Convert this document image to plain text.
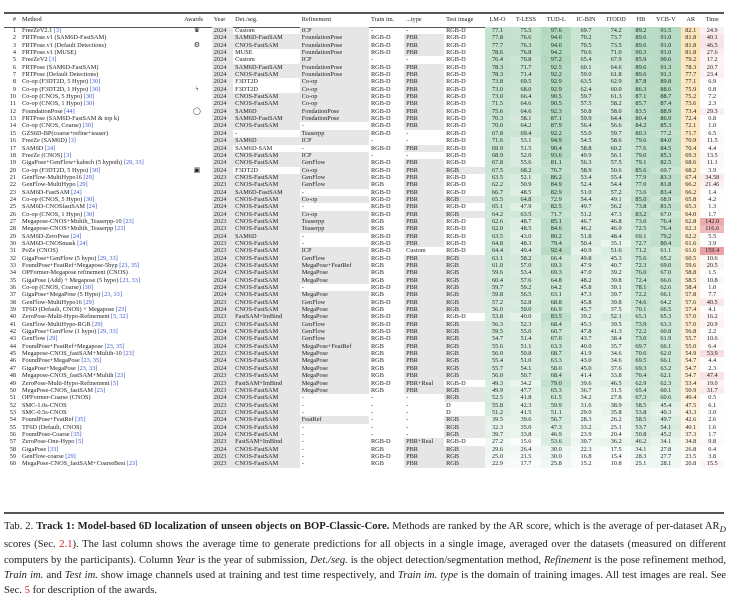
#	Method	Awards	Year	Det./seg.	Refinement	Train im.	...type	Test image	LM-O	T-LESS	TUD-L	IC-BIN	ITODD	HB	YCB-V	AR	Time
1	FreeZeV2.1 [3]	♛	2024	Custom	ICP	-	-	RGB-D	77.1	75.5	97.6	69.7	74.2	89.2	91.5	82.1	24.9
2	FRTPose.v1 (SAM6D-FastSAM)		2024	SAM6D-FastSAM	FoundationPose	RGB-D	PBR	RGB-D	77.8	76.6	94.0	70.2	73.7	89.6	91.0	81.8	40.1
3	FRTPose.v1 (Default Detections)	⚙	2024	CNOS-FastSAM	FoundationPose	RGB-D	PBR	RGB-D	77.7	76.3	94.0	70.5	73.5	89.6	91.0	81.8	46.5
4	FRTPose.v1 (MUSE)		2024	MUSE	FoundationPose	RGB-D	PBR	RGB-D	78.6	76.8	94.2	70.6	71.0	90.3	91.0	81.8	27.6
5	FreeZeV2 [3]		2024	Custom	ICP	-	-	RGB-D	76.4	70.8	97.2	65.4	67.9	85.9	90.6	79.2	17.2
6	FRTPose (SAM6D-FastSAM)		2024	SAM6D-FastSAM	FoundationPose	RGB-D	PBR	RGB-D	78.3	71.7	92.5	60.1	64.6	89.6	91.3	78.3	20.7
7	FRTPose (Default Detections)		2024	CNOS-FastSAM	FoundationPose	RGB-D	PBR	RGB-D	78.3	71.4	92.2	59.0	61.8	89.6	91.3	77.7	23.4
8	Co-op (F3DT2D, 5 Hypo) [30]		2024	F3DT2D	Co-op	RGB-D	PBR	RGB-D	73.8	69.5	92.9	63.5	62.9	87.8	89.8	77.1	6.9
9	Co-op (F3DT2D, 1 Hypo) [30]	ϟ	2024	F3DT2D	Co-op	RGB-D	PBR	RGB-D	73.0	68.0	92.9	62.4	60.0	86.3	88.6	75.9	0.8
10	Co-op (CNOS, 5 Hypo) [30]		2024	CNOS-FastSAM	Co-op	RGB-D	PBR	RGB-D	73.0	66.4	90.5	59.7	61.3	87.1	88.7	75.2	7.2
11	Co-op (CNOS, 1 Hypo) [30]		2024	CNOS-FastSAM	Co-op	RGB-D	PBR	RGB-D	71.5	64.6	90.5	57.5	58.2	85.7	87.4	73.6	2.3
12	FoundationPose [44]	◯	2024	SAM6D	FondationPose	RGB-D	PBR	RGB-D	75.6	64.6	92.3	50.8	58.0	83.5	88.9	73.4	29.3
13	FRTPose (SAM6D-FastSAM & top k)		2024	SAM6D-FastSAM	FondationPose	RGB-D	PBR	RGB-D	70.3	58.1	87.1	59.9	64.4	80.4	86.9	72.4	0.8
14	Co-op (CNOS, Coarse) [30]		2024	CNOS-FastSAM	-	RGB-D	PBR	RGB-D	70.0	64.2	87.9	56.4	56.6	84.2	85.3	72.1	1.0
15	GZS6D-BP(coarse+refine+teaser)		2024	-	Teaserpp	RGB-D	-	RGB-D	67.8	69.4	92.2	55.0	59.7	80.3	77.2	71.7	6.5
16	FreeZe (SAM6D) [3]		2024	SAM6D	ICP	-	-	RGB-D	71.6	53.1	94.9	54.5	58.6	79.6	84.0	70.9	11.5
17	SAM6D [24]		2024	SAM6D-SAM	-	RGB-D	PBR	RGB-D	69.9	51.5	90.4	58.8	60.2	77.6	84.5	70.4	4.4
18	FreeZe (CNOS) [3]		2024	CNOS-FastSAM	ICP	-	-	RGB-D	68.9	52.0	93.6	49.9	56.1	79.0	85.3	69.3	13.5
19	GigaPose+GenFlow+kabsch (5 hypoth) [29, 33]		2024	CNOS-FastSAM	GenFlow	RGB-D	PBR	RGB-D	67.8	55.6	81.1	56.3	57.5	79.1	82.5	68.6	11.1
20	Co-op (F3DT2D, 5 Hypo) [30]	▣	2024	F3DT2D	Co-op	RGB-D	PBR	RGB	67.5	68.2	76.7	58.9	50.6	85.6	69.7	68.2	3.9
21	GenFlow-MultiHypo16 [29]		2023	CNOS-FastSAM	GenFlow	RGB-D	PBR	RGB-D	63.5	52.1	86.2	53.4	55.4	77.9	83.3	67.4	34.58
22	GenFlow-MultiHypo [29]		2023	CNOS-FastSAM	GenFlow	RGB	PBR	RGB-D	62.2	50.9	84.9	52.4	54.4	77.0	81.8	66.2	21.46
23	SAM6D-FastSAM [24]		2024	SAM6D-FastSAM	-	RGB-D	PBR	RGB-D	66.7	48.5	82.9	51.0	57.2	73.6	83.4	66.2	1.4
24	Co-op (CNOS, 5 Hypo) [30]		2024	CNOS-FastSAM	Co-op	RGB-D	PBR	RGB	65.5	64.8	72.9	54.4	49.1	85.0	68.9	65.8	4.2
25	SAM6D-CNOSfastSAM [24]		2024	CNOS-FastSAM	-	RGB-D	PBR	RGB-D	65.1	47.9	82.5	49.7	56.2	73.8	81.5	65.3	1.3
26	Co-op (CNOS, 1 Hypo) [30]		2024	CNOS-FastSAM	Co-op	RGB-D	PBR	RGB	64.2	63.5	71.7	51.2	47.3	83.2	67.0	64.0	1.7
27	Megapose-CNOS+Multih_Teaserpp-10 [23]		2023	CNOS-FastSAM	Teaserpp	RGB	PBR	RGB-D	62.6	48.7	85.1	46.7	46.8	73.0	76.4	62.8	142.0
28	Megapose-CNOS+Multih_Teaserpp [23]		2023	CNOS-FastSAM	Teaserpp	RGB	PBR	RGB-D	62.0	48.5	84.6	46.2	46.0	72.5	76.4	62.3	116.6
29	SAM6D-ZeroPose [24]		2024	SAM6D	-	RGB-D	PBR	RGB-D	63.5	43.0	80.2	51.8	48.4	69.1	79.2	62.2	5.5
30	SAM6D-CNOSmask [24]		2023	CNOS-FastSAM	-	RGB-D	PBR	RGB-D	64.8	48.3	79.4	50.4	35.1	72.7	80.4	61.6	3.9
31	PoZe (CNOS)		2023	CNOS-FastSAM	ICP	RGB-D	Custom	RGB-D	64.4	49.4	92.4	40.9	51.6	71.2	61.1	61.6	159.4
32	GigaPose+GenFlow (5 hypo) [29, 33]		2024	CNOS-FastSAM	GenFlow	RGB-D	PBR	RGB	63.1	58.2	66.4	49.8	45.3	75.6	65.2	60.5	10.6
33	FoundPose+FeatRef+Megapose-5hyp [23, 35]		2024	CNOS-FastSAM	MegaPose+FeatRef	RGB	PBR	RGB	61.0	57.0	69.3	47.9	40.7	72.3	69.0	59.6	20.5
34	OPFormer-Megapose refinement (CNOS)		2024	CNOS-FastSAM	MegaPose	RGB	PBR	RGB	59.6	53.4	69.3	47.0	39.2	76.0	67.0	58.8	1.5
35	GigaPose (Add) + Megapose (5 hypo) [23, 33]		2024	CNOS-FastSAM	MegaPose	RGB	PBR	RGB	60.4	57.6	64.8	48.2	39.8	72.4	66.6	58.5	10.8
36	Co-op (CNOS, Coarse) [30]		2024	CNOS-FastSAM	-	RGB-D	PBR	RGB	59.7	59.2	64.2	45.8	39.1	78.1	62.6	58.4	1.0
37	GigaPose+MegaPose (5 Hypo) [23, 33]		2024	CNOS-FastSAM	MegaPose	RGB	PBR	RGB	59.8	56.5	63.1	47.3	39.7	72.2	66.1	57.8	7.7
38	GenFlow-MultiHypo16 [29]		2023	CNOS-FastSAM	GenFlow	RGB-D	PBR	RGB	57.2	52.8	68.8	45.8	39.8	74.6	64.2	57.6	40.5
39	TF6D (Default, CNOS) + Megapose [23]		2024	CNOS-FastSAM	MegaPose	RGB	PBR	RGB	56.0	59.0	66.9	45.7	37.5	70.1	66.5	57.4	4.1
40	ZeroPose-Multi-Hypo-Refinement [5, 32]		2023	FastSAM+ImBind	MegaPose	RGB-D	PBR	RGB-D	53.8	40.0	83.5	39.2	52.1	65.3	65.3	57.0	16.2
41	GenFlow-MultiHypo-RGB [29]		2023	CNOS-FastSAM	GenFlow	RGB-D	PBR	RGB	56.3	52.3	68.4	45.3	39.5	73.9	63.3	57.0	20.9
42	GigaPose+GenFlow (1 hypo) [29, 33]		2024	CNOS-FastSAM	GenFlow	RGB-D	PBR	RGB	59.5	55.0	60.7	47.8	41.3	72.2	60.8	56.8	2.2
43	GenFlow [29]		2024	CNOS-FastSAM	GenFlow	RGB-D	PBR	RGB	54.7	51.4	67.0	43.7	38.4	73.0	61.9	55.7	10.6
44	FoundPose+FeatRef+Megapose [23, 35]		2024	CNOS-FastSAM	MegaPose+FeatRef	RGB	PBR	RGB	55.6	51.1	63.3	40.0	35.7	69.7	66.1	55.0	6.4
45	Megapose-CNOS_fastSAM+Multih-10 [23]		2023	CNOS-FastSAM	MegaPose	RGB	PBR	RGB	56.0	50.8	68.7	41.9	34.6	70.6	62.0	54.9	53.9
46	FoundPose+MegaPose [23, 35]		2024	CNOS-FastSAM	MegaPose	RGB	PBR	RGB	55.4	51.0	63.3	43.0	34.6	69.5	66.1	54.7	4.4
47	GigaPose+MegaPose [23, 33]		2024	CNOS-FastSAM	MegaPose	RGB	PBR	RGB	55.7	54.1	58.0	45.0	37.6	69.3	63.2	54.7	2.3
48	Megapose-CNOS_fastSAM+Multih [23]		2023	CNOS-FastSAM	MegaPose	RGB	PBR	RGB	56.0	50.7	68.4	41.4	33.8	70.4	62.1	54.7	47.4
49	ZeroPose-Multi-Hypo-Refinement [5]		2023	FastSAM+ImBind	MegaPose	RGB-D	PBR+Real	RGB-D	49.3	34.2	79.0	39.6	46.5	62.9	62.3	53.4	19.0
50	MegaPose-CNOS_fastSAM [23]		2023	CNOS-FastSAM	MegaPose	RGB	PBR	RGB	49.9	47.7	65.3	36.7	31.5	65.4	60.1	50.9	31.7
51	OPFormer-Coarse (CNOS)		2024	CNOS-FastSAM	-	-	-	RGB	52.5	41.8	61.5	34.2	27.8	67.3	60.6	49.4	0.5
52	SMC-1.0s-CNOS		2023	CNOS-FastSAM	-	-	-	D	55.8	42.3	59.9	31.6	38.9	58.5	45.4	47.5	6.1
53	SMC-0.5s-CNOS		2023	CNOS-FastSAM	-	-	-	D	51.2	41.5	51.1	29.0	35.8	53.8	40.3	43.3	3.0
54	FoundPose+FeatRef [35]		2024	CNOS-FastSAM	FeatRef	-	-	RGB	39.5	39.6	56.7	28.3	26.2	58.5	49.7	42.6	2.6
55	TF6D (Default, CNOS)		2024	CNOS-FastSAM	-	-	-	RGB	32.3	35.0	47.3	33.2	25.1	53.7	54.1	40.1	1.6
56	FoundPose-Coarse [35]		2024	CNOS-FastSAM	-	-	-	RGB	39.7	33.8	46.9	23.9	20.4	50.8	45.2	37.3	1.7
57	ZeroPose-One-Hypo [5]		2023	FastSAM+ImBind	-	RGB-D	PBR+Real	RGB-D	27.2	15.6	53.6	30.7	36.2	46.2	34.1	34.8	9.8
58	GigaPose [33]		2024	CNOS-FastSAM	-	RGB	PBR	RGB	29.6	26.4	30.0	22.3	17.5	34.1	27.8	26.8	0.4
59	GenFlow-coarse [29]		2023	CNOS-FastSAM	-	RGB-D	PBR	RGB	25.0	21.5	30.0	16.8	15.4	28.3	27.7	23.5	3.8
60	MegaPose-CNOS_fastSAM+CoarseBest [23]		2023	CNOS-FastSAM	-	RGB	PBR	RGB	22.9	17.7	25.8	15.2	10.8	25.1	28.1	20.8	15.5
Tab. 2. Track 1: Model-based 6D localization of unseen objects on BOP-Classic-Core. Methods are ranked by the AR score, which is the average of per-dataset $AR_D$ scores (Sec. 2.1). The last column shows the average time to generate predictions for all objects in a single image, averaged over the datasets (measured on different computers by the participants). Column Year is the year of submission, Det./seg. is the object detection/segmentation method, Refinement is the pose refinement method, Train im. and Test im. show image channels used at training and test time respectively, and Train im. type is the domain of training images. All test images are real. See Sec. 5 for description of the awards.
